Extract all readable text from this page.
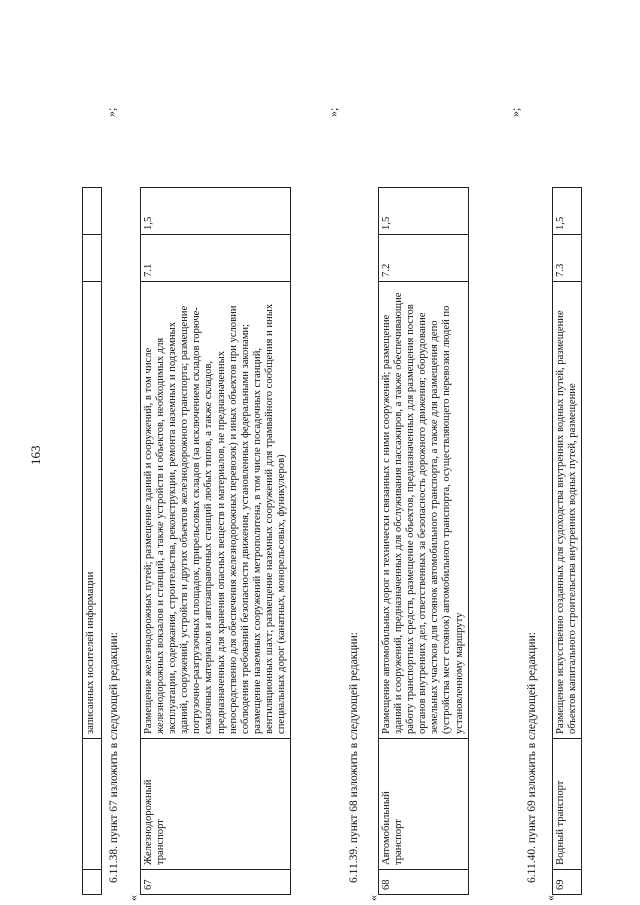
163
		записанных носителей информации		
»;
6.11.38. пункт 67 изложить в следующей редакции:
«
67	Железнодорожный транспорт	Размещение железнодорожных путей; размещение зданий и сооружений, в том числе железнодорожных вокзалов и станций, а также устройств и объектов, необходимых для эксплуатации, содержания, строительства, реконструкции, ремонта наземных и подземных зданий, сооружений, устройств и других объектов железнодорожного транспорта; размещение погрузочно-разгрузочных площадок, прирельсовых складов (за исключением складов горюче-смазочных материалов и автозаправочных станций любых типов, а также складов, предназначенных для хранения опасных веществ и материалов, не предназначенных непосредственно для обеспечения железнодорожных перевозок) и иных объектов при условии соблюдения требований безопасности движения, установленных федеральными законами; размещение наземных сооружений метрополитена, в том числе посадочных станций, вентиляционных шахт; размещение наземных сооружений для трамвайного сообщения и иных специальных дорог (канатных, монорельсовых, фуникулеров)	7.1	1,5
»;
6.11.39. пункт 68 изложить в следующей редакции:
«
68	Автомобильный транспорт	Размещение автомобильных дорог и технически связанных с ними сооружений; размещение зданий и сооружений, предназначенных для обслуживания пассажиров, а также обеспечивающие работу транспортных средств, размещение объектов, предназначенных для размещения постов органов внутренних дел, ответственных за безопасность дорожного движения; оборудование земельных участков для стоянок автомобильного транспорта, а также для размещения депо (устройства мест стоянок) автомобильного транспорта, осуществляющего перевозки людей по установленному маршруту	7.2	1,5
»;
6.11.40. пункт 69 изложить в следующей редакции:
«
69	Водный транспорт	Размещение искусственно созданных для судоходства внутренних водных путей, размещение объектов капитального строительства внутренних водных путей, размещение	7.3	1,5
